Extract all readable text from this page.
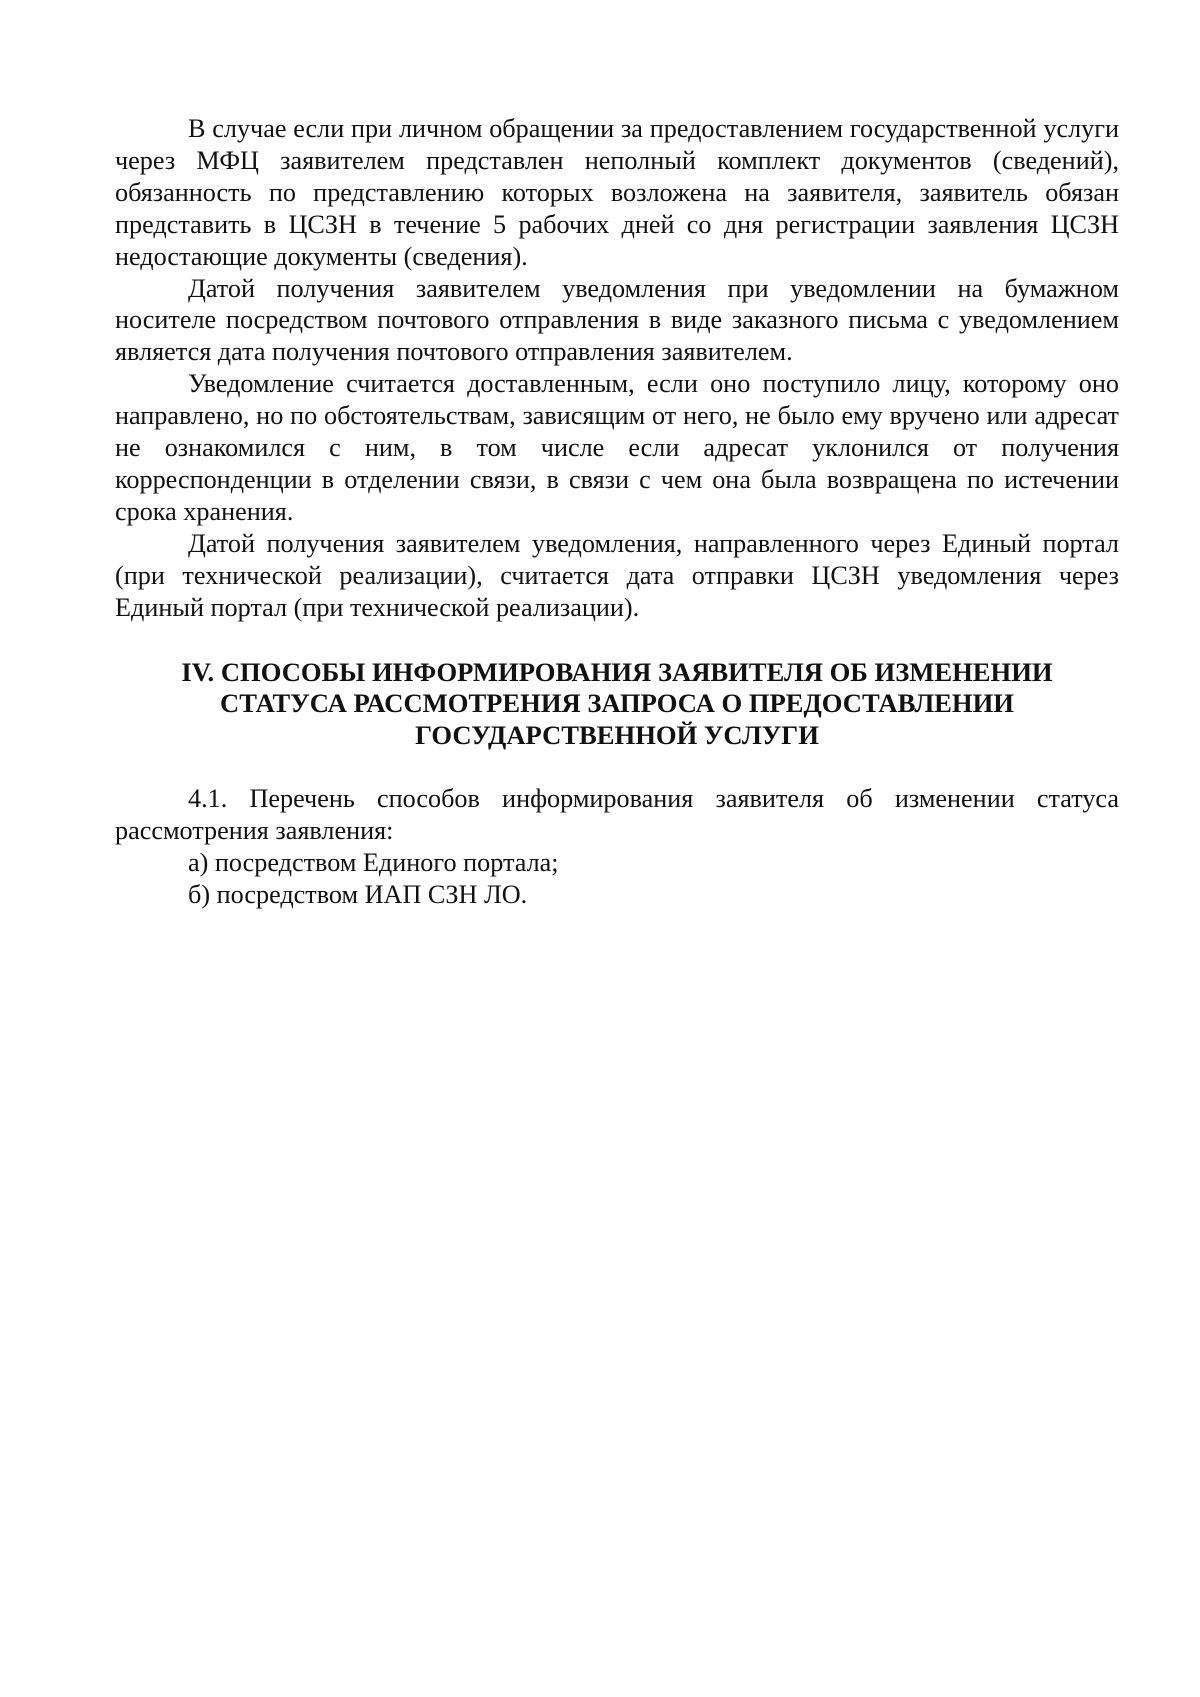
В случае если при личном обращении за предоставлением государственной услуги через МФЦ заявителем представлен неполный комплект документов (сведений), обязанность по представлению которых возложена на заявителя, заявитель обязан представить в ЦСЗН в течение 5 рабочих дней со дня регистрации заявления ЦСЗН недостающие документы (сведения).

Датой получения заявителем уведомления при уведомлении на бумажном носителе посредством почтового отправления в виде заказного письма с уведомлением является дата получения почтового отправления заявителем.

Уведомление считается доставленным, если оно поступило лицу, которому оно направлено, но по обстоятельствам, зависящим от него, не было ему вручено или адресат не ознакомился с ним, в том числе если адресат уклонился от получения корреспонденции в отделении связи, в связи с чем она была возвращена по истечении срока хранения.

Датой получения заявителем уведомления, направленного через Единый портал (при технической реализации), считается дата отправки ЦСЗН уведомления через Единый портал (при технической реализации).

IV. СПОСОБЫ ИНФОРМИРОВАНИЯ ЗАЯВИТЕЛЯ ОБ ИЗМЕНЕНИИ
СТАТУСА РАССМОТРЕНИЯ ЗАПРОСА О ПРЕДОСТАВЛЕНИИ
ГОСУДАРСТВЕННОЙ УСЛУГИ

4.1. Перечень способов информирования заявителя об изменении статуса рассмотрения заявления:

а) посредством Единого портала;

б) посредством ИАП СЗН ЛО.
